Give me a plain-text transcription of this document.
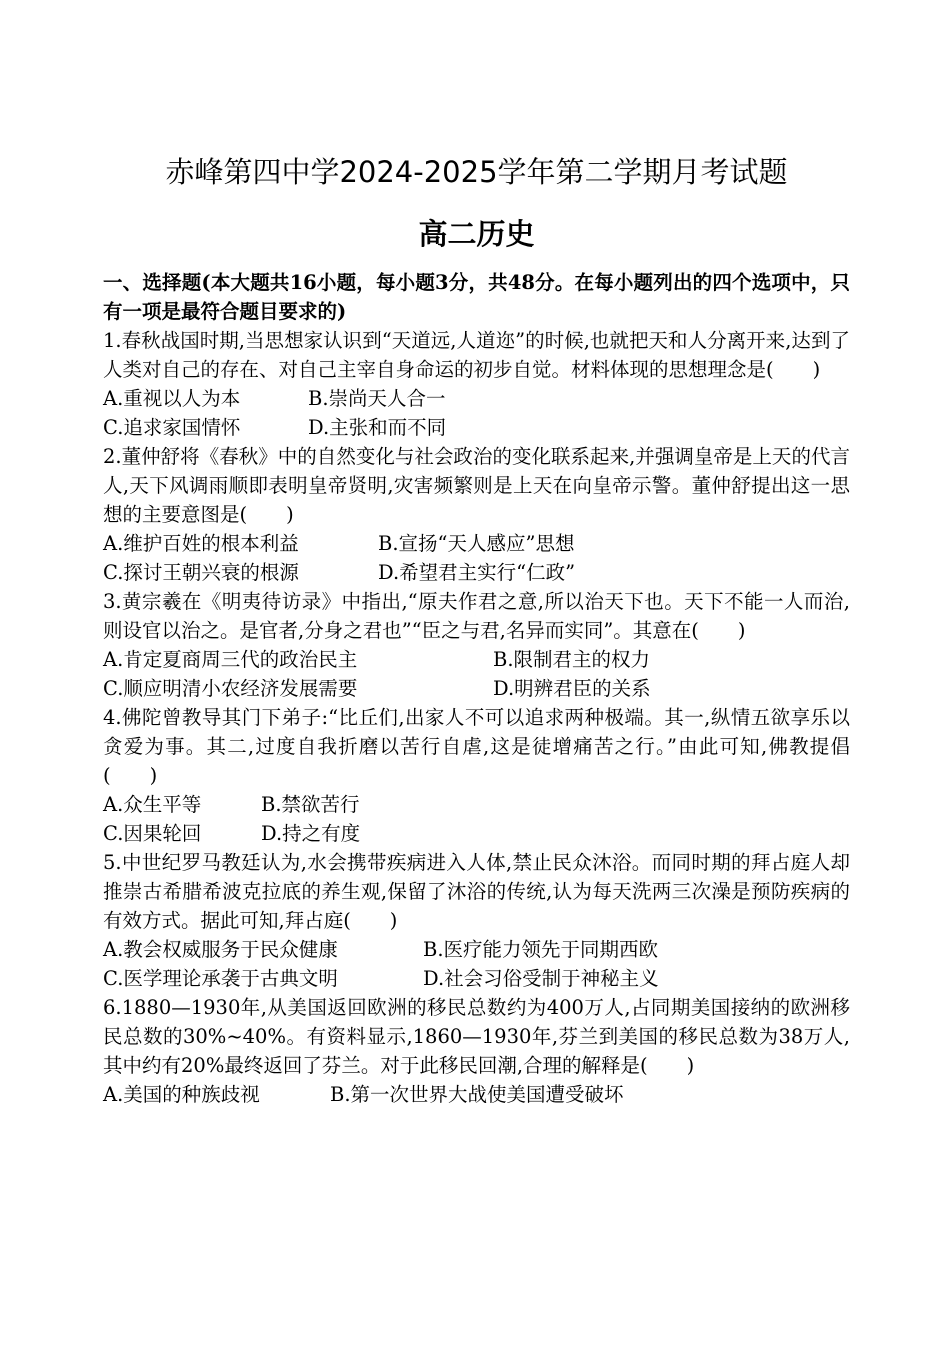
赤峰第四中学2024-2025学年第二学期月考试题
高二历史
一、选择题(本大题共16小题，每小题3分，共48分。在每小题列出的四个选项中，只有一项是最符合题目要求的)
1.春秋战国时期,当思想家认识到“天道远,人道迩”的时候,也就把天和人分离开来,达到了人类对自己的存在、对自己主宰自身命运的初步自觉。材料体现的思想理念是(　　)
A.重视以人为本	B.崇尚天人合一
C.追求家国情怀	D.主张和而不同
2.董仲舒将《春秋》中的自然变化与社会政治的变化联系起来,并强调皇帝是上天的代言人,天下风调雨顺即表明皇帝贤明,灾害频繁则是上天在向皇帝示警。董仲舒提出这一思想的主要意图是(　　)
A.维护百姓的根本利益	B.宣扬“天人感应”思想
C.探讨王朝兴衰的根源	D.希望君主实行“仁政”
3.黄宗羲在《明夷待访录》中指出,“原夫作君之意,所以治天下也。天下不能一人而治,则设官以治之。是官者,分身之君也”“臣之与君,名异而实同”。其意在(　　)
A.肯定夏商周三代的政治民主	B.限制君主的权力
C.顺应明清小农经济发展需要	D.明辨君臣的关系
4.佛陀曾教导其门下弟子:“比丘们,出家人不可以追求两种极端。其一,纵情五欲享乐以贪爱为事。其二,过度自我折磨以苦行自虐,这是徒增痛苦之行。”由此可知,佛教提倡(　　)
A.众生平等	B.禁欲苦行
C.因果轮回	D.持之有度
5.中世纪罗马教廷认为,水会携带疾病进入人体,禁止民众沐浴。而同时期的拜占庭人却推崇古希腊希波克拉底的养生观,保留了沐浴的传统,认为每天洗两三次澡是预防疾病的有效方式。据此可知,拜占庭(　　)
A.教会权威服务于民众健康	B.医疗能力领先于同期西欧
C.医学理论承袭于古典文明	D.社会习俗受制于神秘主义
6.1880—1930年,从美国返回欧洲的移民总数约为400万人,占同期美国接纳的欧洲移民总数的30%~40%。有资料显示,1860—1930年,芬兰到美国的移民总数为38万人,其中约有20%最终返回了芬兰。对于此移民回潮,合理的解释是(　　)
A.美国的种族歧视	B.第一次世界大战使美国遭受破坏
